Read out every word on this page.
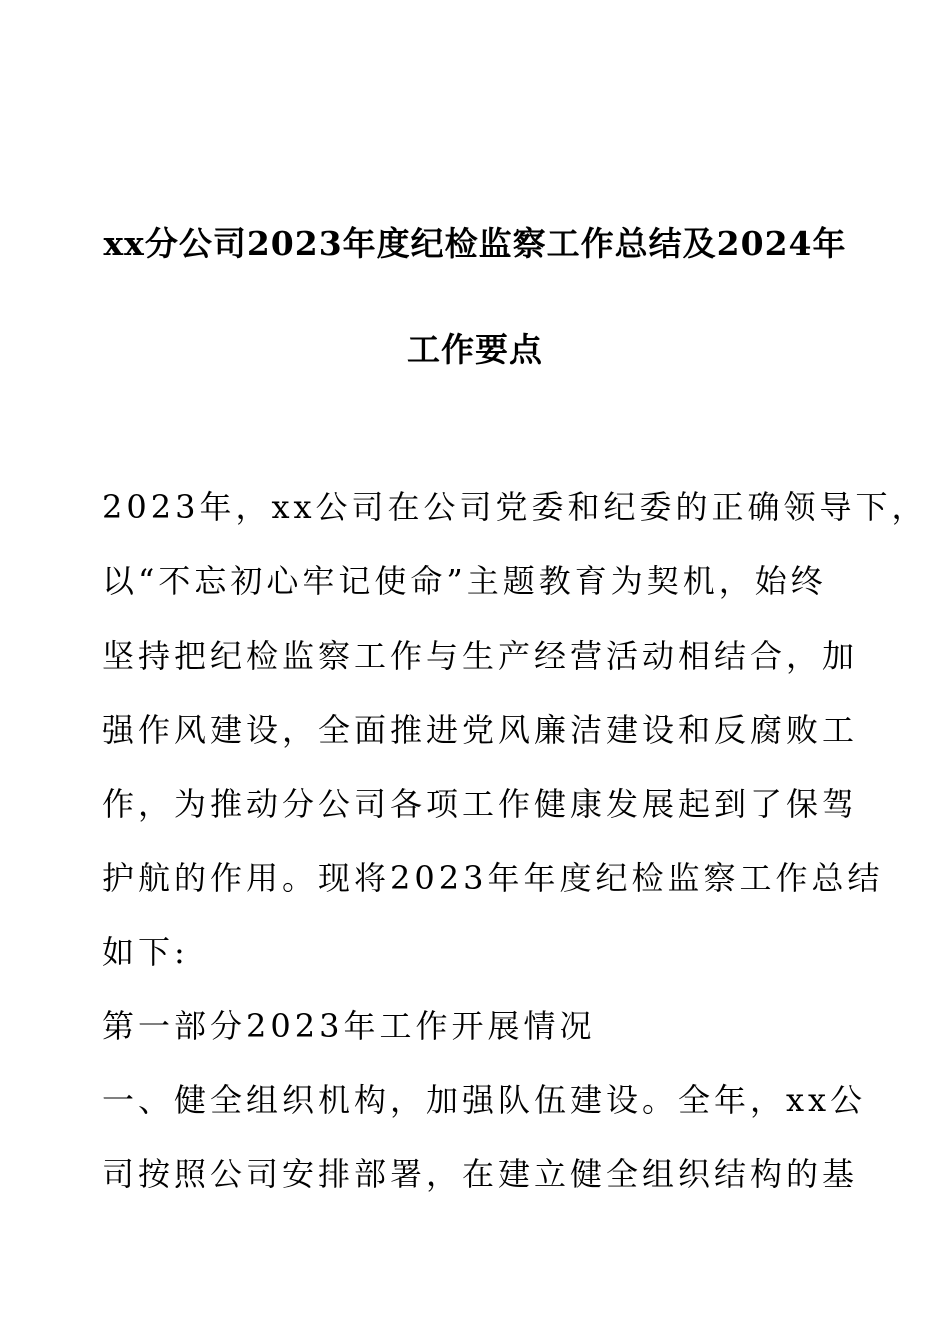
xx分公司2023年度纪检监察工作总结及2024年
工作要点
2023年，xx公司在公司党委和纪委的正确领导下，
以“不忘初心牢记使命”主题教育为契机，始终
坚持把纪检监察工作与生产经营活动相结合，加
强作风建设，全面推进党风廉洁建设和反腐败工
作，为推动分公司各项工作健康发展起到了保驾
护航的作用。现将2023年年度纪检监察工作总结
如下:
第一部分2023年工作开展情况
一、健全组织机构，加强队伍建设。全年，xx公
司按照公司安排部署，在建立健全组织结构的基
